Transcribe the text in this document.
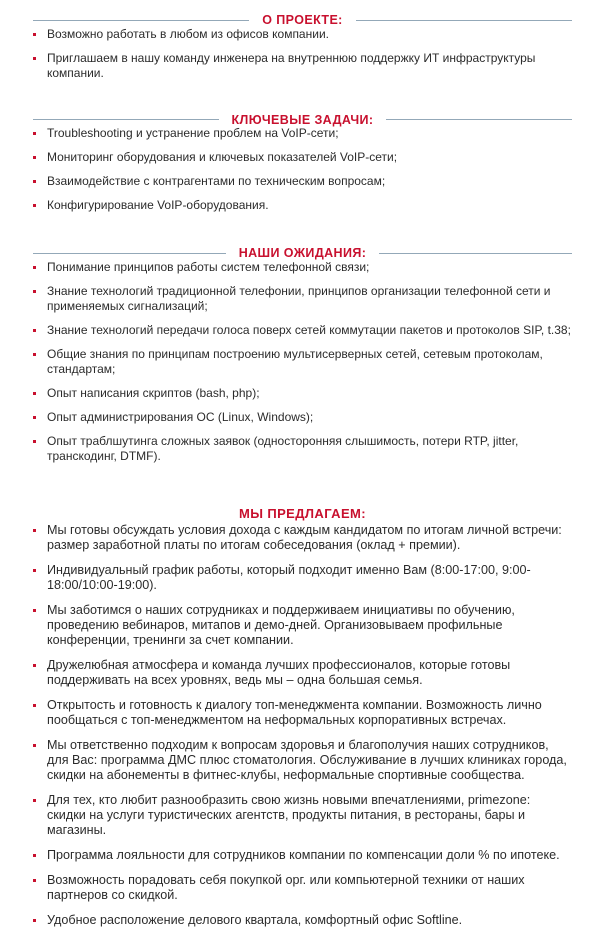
О ПРОЕКТЕ:
Возможно работать в любом из офисов компании.
Приглашаем в нашу команду инженера на внутреннюю поддержку ИТ инфраструктуры компании.
КЛЮЧЕВЫЕ ЗАДАЧИ:
Troubleshooting и устранение проблем на VoIP-сети;
Мониторинг оборудования и ключевых показателей VoIP-сети;
Взаимодействие с контрагентами по техническим вопросам;
Конфигурирование VoIP-оборудования.
НАШИ ОЖИДАНИЯ:
Понимание принципов работы систем телефонной связи;
Знание технологий традиционной телефонии, принципов организации телефонной сети и применяемых сигнализаций;
Знание технологий передачи голоса поверх сетей коммутации пакетов и протоколов SIP, t.38;
Общие знания по принципам построению мультисерверных сетей, сетевым протоколам, стандартам;
Опыт написания скриптов (bash, php);
Опыт администрирования ОС (Linux, Windows);
Опыт траблшутинга сложных заявок (односторонняя слышимость, потери RTP, jitter, транскодинг, DTMF).
МЫ ПРЕДЛАГАЕМ:
Мы готовы обсуждать условия дохода с каждым кандидатом по итогам личной встречи: размер заработной платы по итогам собеседования (оклад + премии).
Индивидуальный график работы, который подходит именно Вам (8:00-17:00, 9:00-18:00/10:00-19:00).
Мы заботимся о наших сотрудниках и поддерживаем инициативы по обучению, проведению вебинаров, митапов и демо-дней. Организовываем профильные конференции, тренинги за счет компании.
Дружелюбная атмосфера и команда лучших профессионалов, которые готовы поддерживать на всех уровнях, ведь мы – одна большая семья.
Открытость и готовность к диалогу топ-менеджмента компании. Возможность лично пообщаться с топ-менеджментом на неформальных корпоративных встречах.
Мы ответственно подходим к вопросам здоровья и благополучия наших сотрудников, для Вас: программа ДМС плюс стоматология. Обслуживание в лучших клиниках города, скидки на абонементы в фитнес-клубы, неформальные спортивные сообщества.
Для тех, кто любит разнообразить свою жизнь новыми впечатлениями, primezone: скидки на услуги туристических агентств, продукты питания, в рестораны, бары и магазины.
Программа лояльности для сотрудников компании по компенсации доли % по ипотеке.
Возможность порадовать себя покупкой орг. или компьютерной техники от наших партнеров со скидкой.
Удобное расположение делового квартала, комфортный офис Softline.
